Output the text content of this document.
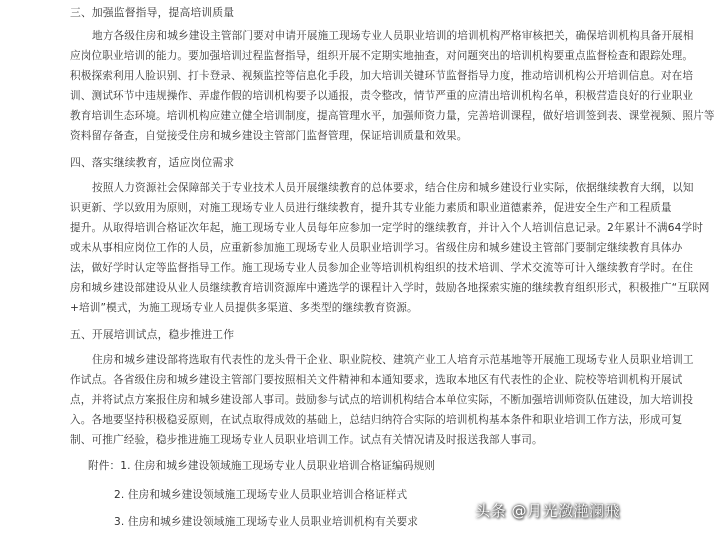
三、加强监督指导，提高培训质量
地方各级住房和城乡建设主管部门要对申请开展施工现场专业人员职业培训的培训机构严格审核把关，确保培训机构具备开展相
应岗位职业培训的能力。要加强培训过程监督指导，组织开展不定期实地抽查，对问题突出的培训机构要重点监督检查和跟踪处理。
积极探索利用人脸识别、打卡登录、视频监控等信息化手段，加大培训关键环节监督指导力度，推动培训机构公开培训信息。对在培
训、测试环节中违规操作、弄虚作假的培训机构要予以通报，责令整改，情节严重的应清出培训机构名单，积极营造良好的行业职业
教育培训生态环境。培训机构应建立健全培训制度，提高管理水平，加强师资力量，完善培训课程，做好培训签到表、课堂视频、照片等
资料留存备查，自觉接受住房和城乡建设主管部门监督管理，保证培训质量和效果。
四、落实继续教育，适应岗位需求
按照人力资源社会保障部关于专业技术人员开展继续教育的总体要求，结合住房和城乡建设行业实际，依据继续教育大纲，以知
识更新、学以致用为原则，对施工现场专业人员进行继续教育，提升其专业能力素质和职业道德素养，促进安全生产和工程质量
提升。从取得培训合格证次年起，施工现场专业人员每年应参加一定学时的继续教育，并计入个人培训信息记录。2年累计不满64学时
或未从事相应岗位工作的人员，应重新参加施工现场专业人员职业培训学习。省级住房和城乡建设主管部门要制定继续教育具体办
法，做好学时认定等监督指导工作。施工现场专业人员参加企业等培训机构组织的技术培训、学术交流等可计入继续教育学时。在住
房和城乡建设部建设从业人员继续教育培训资源库中遴选学的课程计入学时，鼓励各地探索实施的继续教育组织形式，积极推广“互联网
+培训”模式，为施工现场专业人员提供多渠道、多类型的继续教育资源。
五、开展培训试点，稳步推进工作
住房和城乡建设部将选取有代表性的龙头骨干企业、职业院校、建筑产业工人培育示范基地等开展施工现场专业人员职业培训工
作试点。各省级住房和城乡建设主管部门要按照相关文件精神和本通知要求，选取本地区有代表性的企业、院校等培训机构开展试
点，并将试点方案报住房和城乡建设部人事司。鼓励参与试点的培训机构结合本单位实际，不断加强培训师资队伍建设，加大培训投
入。各地要坚持积极稳妥原则，在试点取得成效的基础上，总结归纳符合实际的培训机构基本条件和职业培训工作方法，形成可复
制、可推广经验，稳步推进施工现场专业人员职业培训工作。试点有关情况请及时报送我部人事司。
附件：1. 住房和城乡建设领域施工现场专业人员职业培训合格证编码规则
2. 住房和城乡建设领域施工现场专业人员职业培训合格证样式
3. 住房和城乡建设领域施工现场专业人员职业培训机构有关要求
头条 @月光潋滟澜飛
